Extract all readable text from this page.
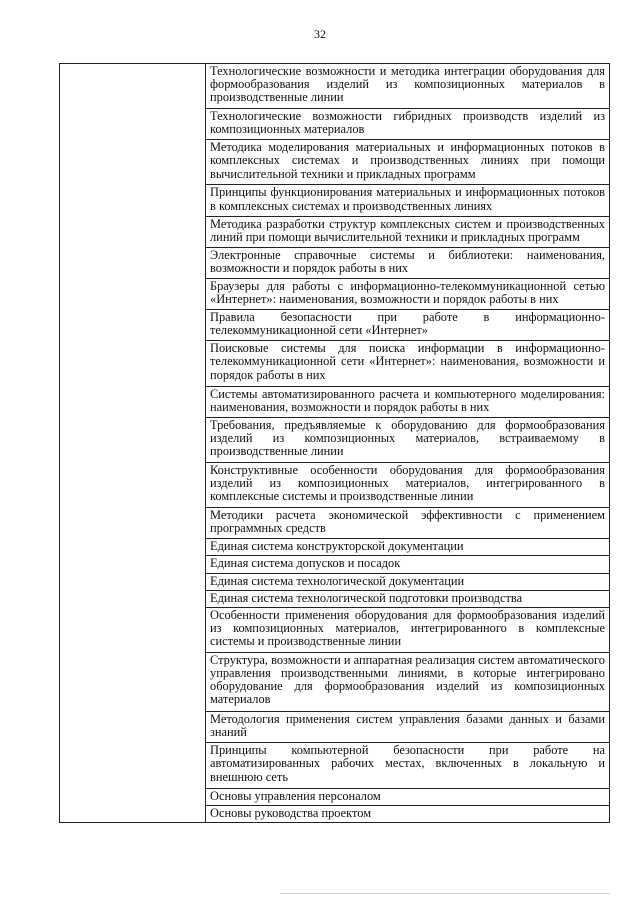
32
	Технологические возможности и методика интеграции оборудования для формообразования изделий из композиционных материалов в производственные линии
Технологические возможности гибридных производств изделий из композиционных материалов
Методика моделирования материальных и информационных потоков в комплексных системах и производственных линиях при помощи вычислительной техники и прикладных программ
Принципы функционирования материальных и информационных потоков в комплексных системах и производственных линиях
Методика разработки структур комплексных систем и производственных линий при помощи вычислительной техники и прикладных программ
Электронные справочные системы и библиотеки: наименования, возможности и порядок работы в них
Браузеры для работы с информационно-телекоммуникационной сетью «Интернет»: наименования, возможности и порядок работы в них
Правила безопасности при работе в информационно-телекоммуникационной сети «Интернет»
Поисковые системы для поиска информации в информационно-телекоммуникационной сети «Интернет»: наименования, возможности и порядок работы в них
Системы автоматизированного расчета и компьютерного моделирования: наименования, возможности и порядок работы в них
Требования, предъявляемые к оборудованию для формообразования изделий из композиционных материалов, встраиваемому в производственные линии
Конструктивные особенности оборудования для формообразования изделий из композиционных материалов, интегрированного в комплексные системы и производственные линии
Методики расчета экономической эффективности с применением программных средств
Единая система конструкторской документации
Единая система допусков и посадок
Единая система технологической документации
Единая система технологической подготовки производства
Особенности применения оборудования для формообразования изделий из композиционных материалов, интегрированного в комплексные системы и производственные линии
Структура, возможности и аппаратная реализация систем автоматического управления производственными линиями, в которые интегрировано оборудование для формообразования изделий из композиционных материалов
Методология применения систем управления базами данных и базами знаний
Принципы компьютерной безопасности при работе на автоматизированных рабочих местах, включенных в локальную и внешнюю сеть
Основы управления персоналом
Основы руководства проектом
